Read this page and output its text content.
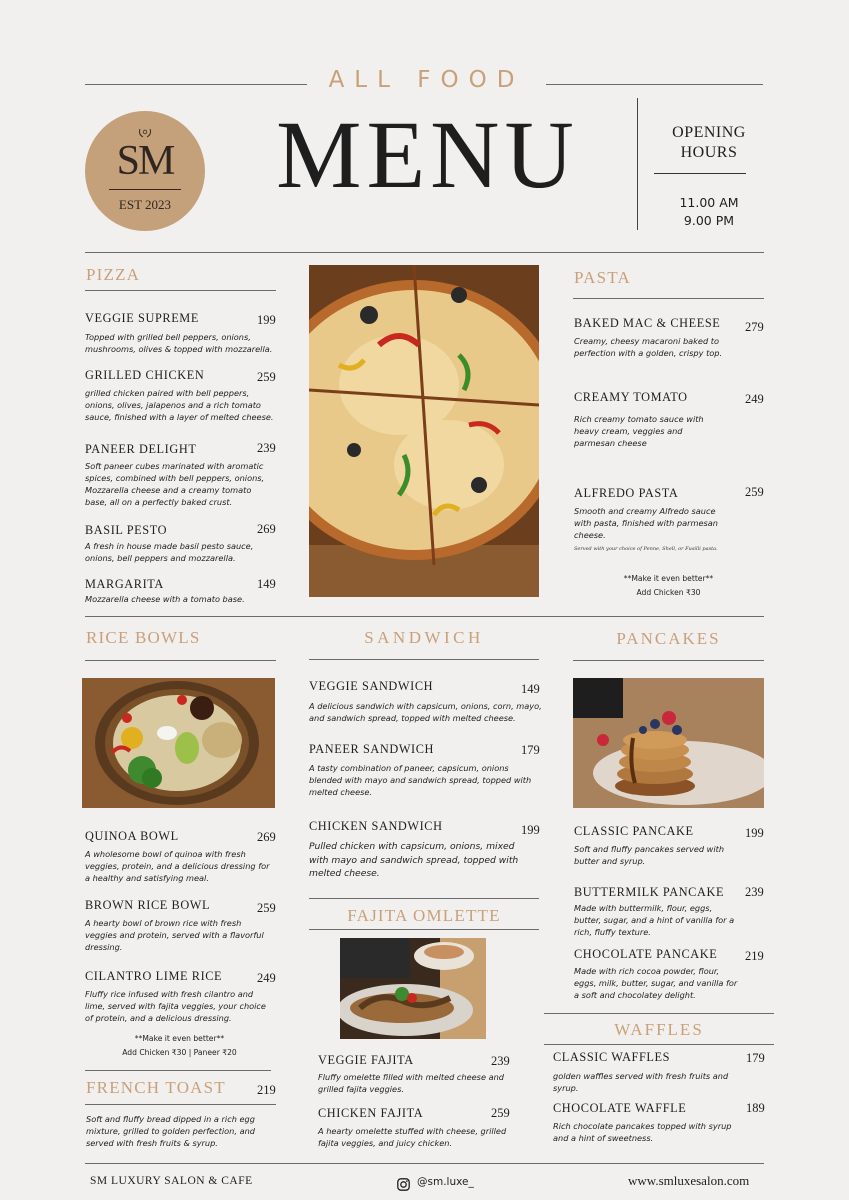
ALL FOOD
SM
EST 2023	MENU	OPENING
HOURS
11.00 AM
9.00 PM
PIZZA
VEGGIE SUPREME	199
Topped with grilled bell peppers, onions,
mushrooms, olives & topped with mozzarella.
GRILLED CHICKEN	259
grilled chicken paired with bell peppers,
onions, olives, jalapenos and a rich tomato
sauce, finished with a layer of melted cheese.
PANEER DELIGHT	239
Soft paneer cubes marinated with aromatic
spices, combined with bell peppers, onions,
Mozzarella cheese and a creamy tomato
base, all on a perfectly baked crust.
BASIL PESTO	269
A fresh in house made basil pesto sauce,
onions, bell peppers and mozzarella.
MARGARITA	149
Mozzarella cheese with a tomato base.
PASTA
BAKED MAC & CHEESE 279
Creamy, cheesy macaroni baked to
perfection with a golden, crispy top.
CREAMY TOMATO	249
Rich creamy tomato sauce with
heavy cream, veggies and
parmesan cheese
ALFREDO PASTA	259
Smooth and creamy Alfredo sauce
with pasta, finished with parmesan
cheese.
Served with your choice of Penne, Shell, or Fusilli pasta.
**Make it even better**
Add Chicken ₹30
RICE BOWLS
QUINOA BOWL	269
A wholesome bowl of quinoa with fresh
veggies, protein, and a delicious dressing for
a healthy and satisfying meal.
BROWN RICE BOWL	259
A hearty bowl of brown rice with fresh
veggies and protein, served with a flavorful
dressing.
CILANTRO LIME RICE	249
Fluffy rice infused with fresh cilantro and
lime, served with fajita veggies, your choice
of protein, and a delicious dressing.
**Make it even better**
Add Chicken ₹30 | Paneer ₹20
FRENCH TOAST 219
Soft and fluffy bread dipped in a rich egg
mixture, grilled to golden perfection, and
served with fresh fruits & syrup.
SANDWICH
VEGGIE SANDWICH	149
A delicious sandwich with capsicum, onions, corn, mayo,
and sandwich spread, topped with melted cheese.
PANEER SANDWICH	179
A tasty combination of paneer, capsicum, onions
blended with mayo and sandwich spread, topped with
melted cheese.
CHICKEN SANDWICH	199
Pulled chicken with capsicum, onions, mixed
with mayo and sandwich spread, topped with
melted cheese.
FAJITA OMLETTE
VEGGIE FAJITA	239
Fluffy omelette filled with melted cheese and
grilled fajita veggies.
CHICKEN FAJITA	259
A hearty omelette stuffed with cheese, grilled
fajita veggies, and juicy chicken.
PANCAKES
CLASSIC PANCAKE	199
Soft and fluffy pancakes served with
butter and syrup.
BUTTERMILK PANCAKE 239
Made with buttermilk, flour, eggs,
butter, sugar, and a hint of vanilla for a
rich, fluffy texture.
CHOCOLATE PANCAKE 219
Made with rich cocoa powder, flour,
eggs, milk, butter, sugar, and vanilla for
a soft and chocolatey delight.
WAFFLES
CLASSIC WAFFLES	179
golden waffles served with fresh fruits and
syrup.
CHOCOLATE WAFFLE	189
Rich chocolate pancakes topped with syrup
and a hint of sweetness.
SM LUXURY SALON & CAFE	@sm.luxe_	www.smluxesalon.com
